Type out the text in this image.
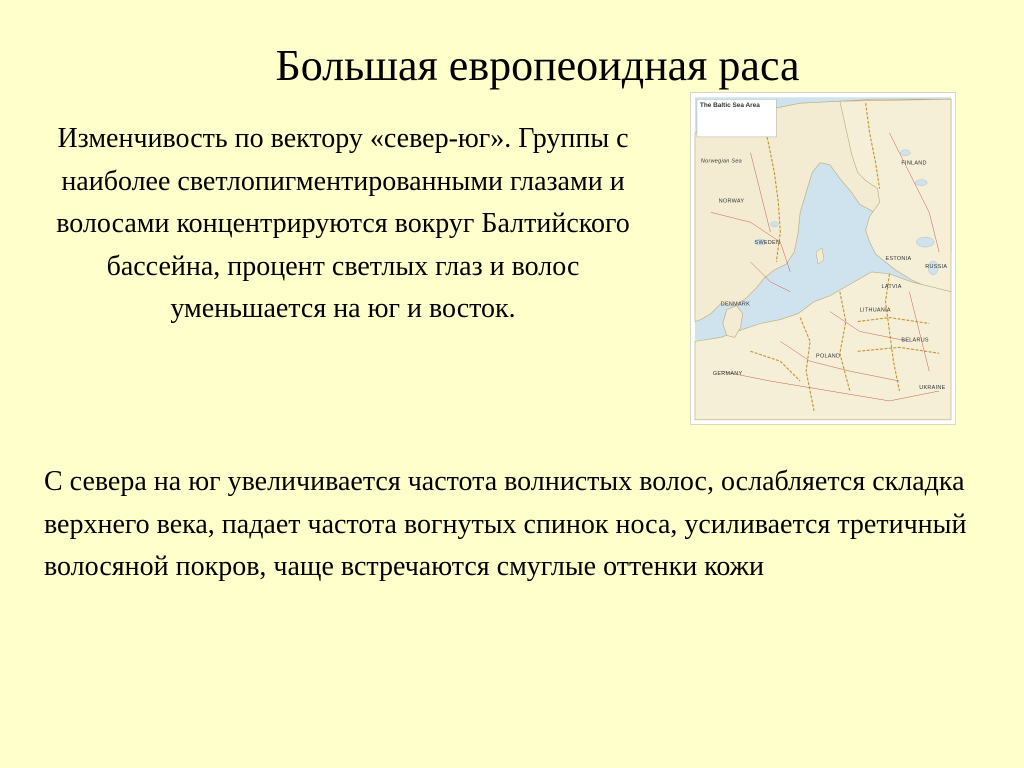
Большая европеоидная раса
Изменчивость по вектору «север-юг». Группы с наиболее светлопигментированными глазами и волосами концентрируются вокруг Балтийского бассейна, процент светлых глаз и волос уменьшается на юг и восток.
The Baltic Sea Area
FINLAND
SWEDEN
NORWAY
ESTONIA
LATVIA
LITHUANIA
RUSSIA
BELARUS
POLAND
GERMANY
UKRAINE
DENMARK
Norwegian Sea
С севера на юг увеличивается частота волнистых волос, ослабляется складка верхнего века, падает частота вогнутых спинок носа, усиливается третичный волосяной покров, чаще встречаются смуглые оттенки кожи
